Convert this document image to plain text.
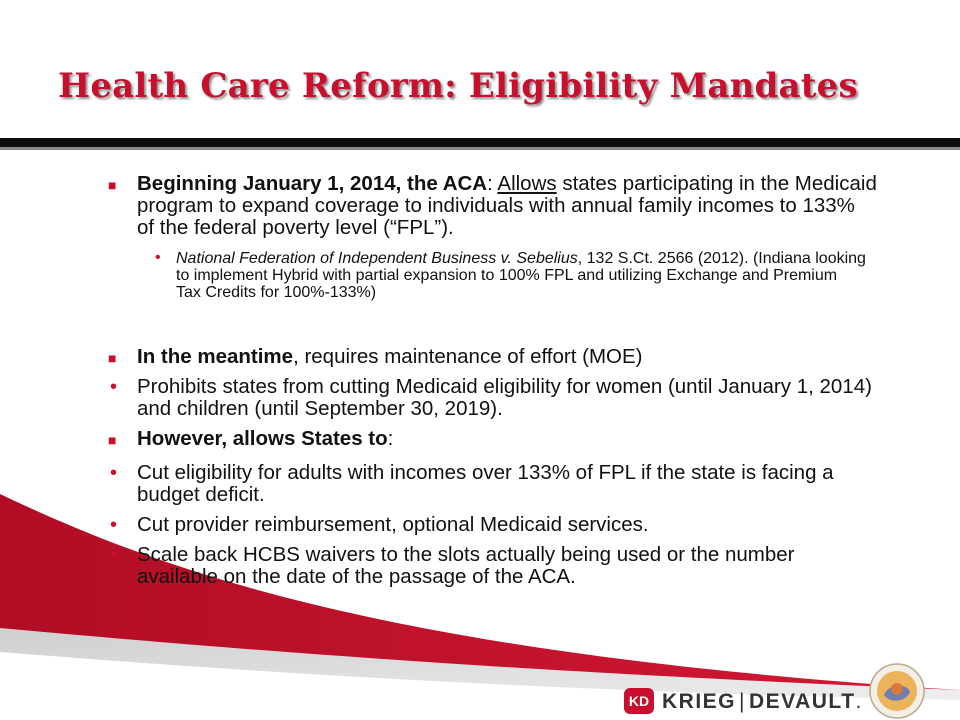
Health Care Reform: Eligibility Mandates

■ Beginning January 1, 2014, the ACA: Allows states participating in the Medicaid program to expand coverage to individuals with annual family incomes to 133% of the federal poverty level (“FPL”).

• National Federation of Independent Business v. Sebelius, 132 S.Ct. 2566 (2012). (Indiana looking to implement Hybrid with partial expansion to 100% FPL and utilizing Exchange and Premium Tax Credits for 100%-133%)

■ In the meantime, requires maintenance of effort (MOE)

• Prohibits states from cutting Medicaid eligibility for women (until January 1, 2014) and children (until September 30, 2019).

■ However, allows States to:

• Cut eligibility for adults with incomes over 133% of FPL if the state is facing a budget deficit.

• Cut provider reimbursement, optional Medicaid services.

• Scale back HCBS waivers to the slots actually being used or the number available on the date of the passage of the ACA.

KD KRIEG | DEVAULT.
